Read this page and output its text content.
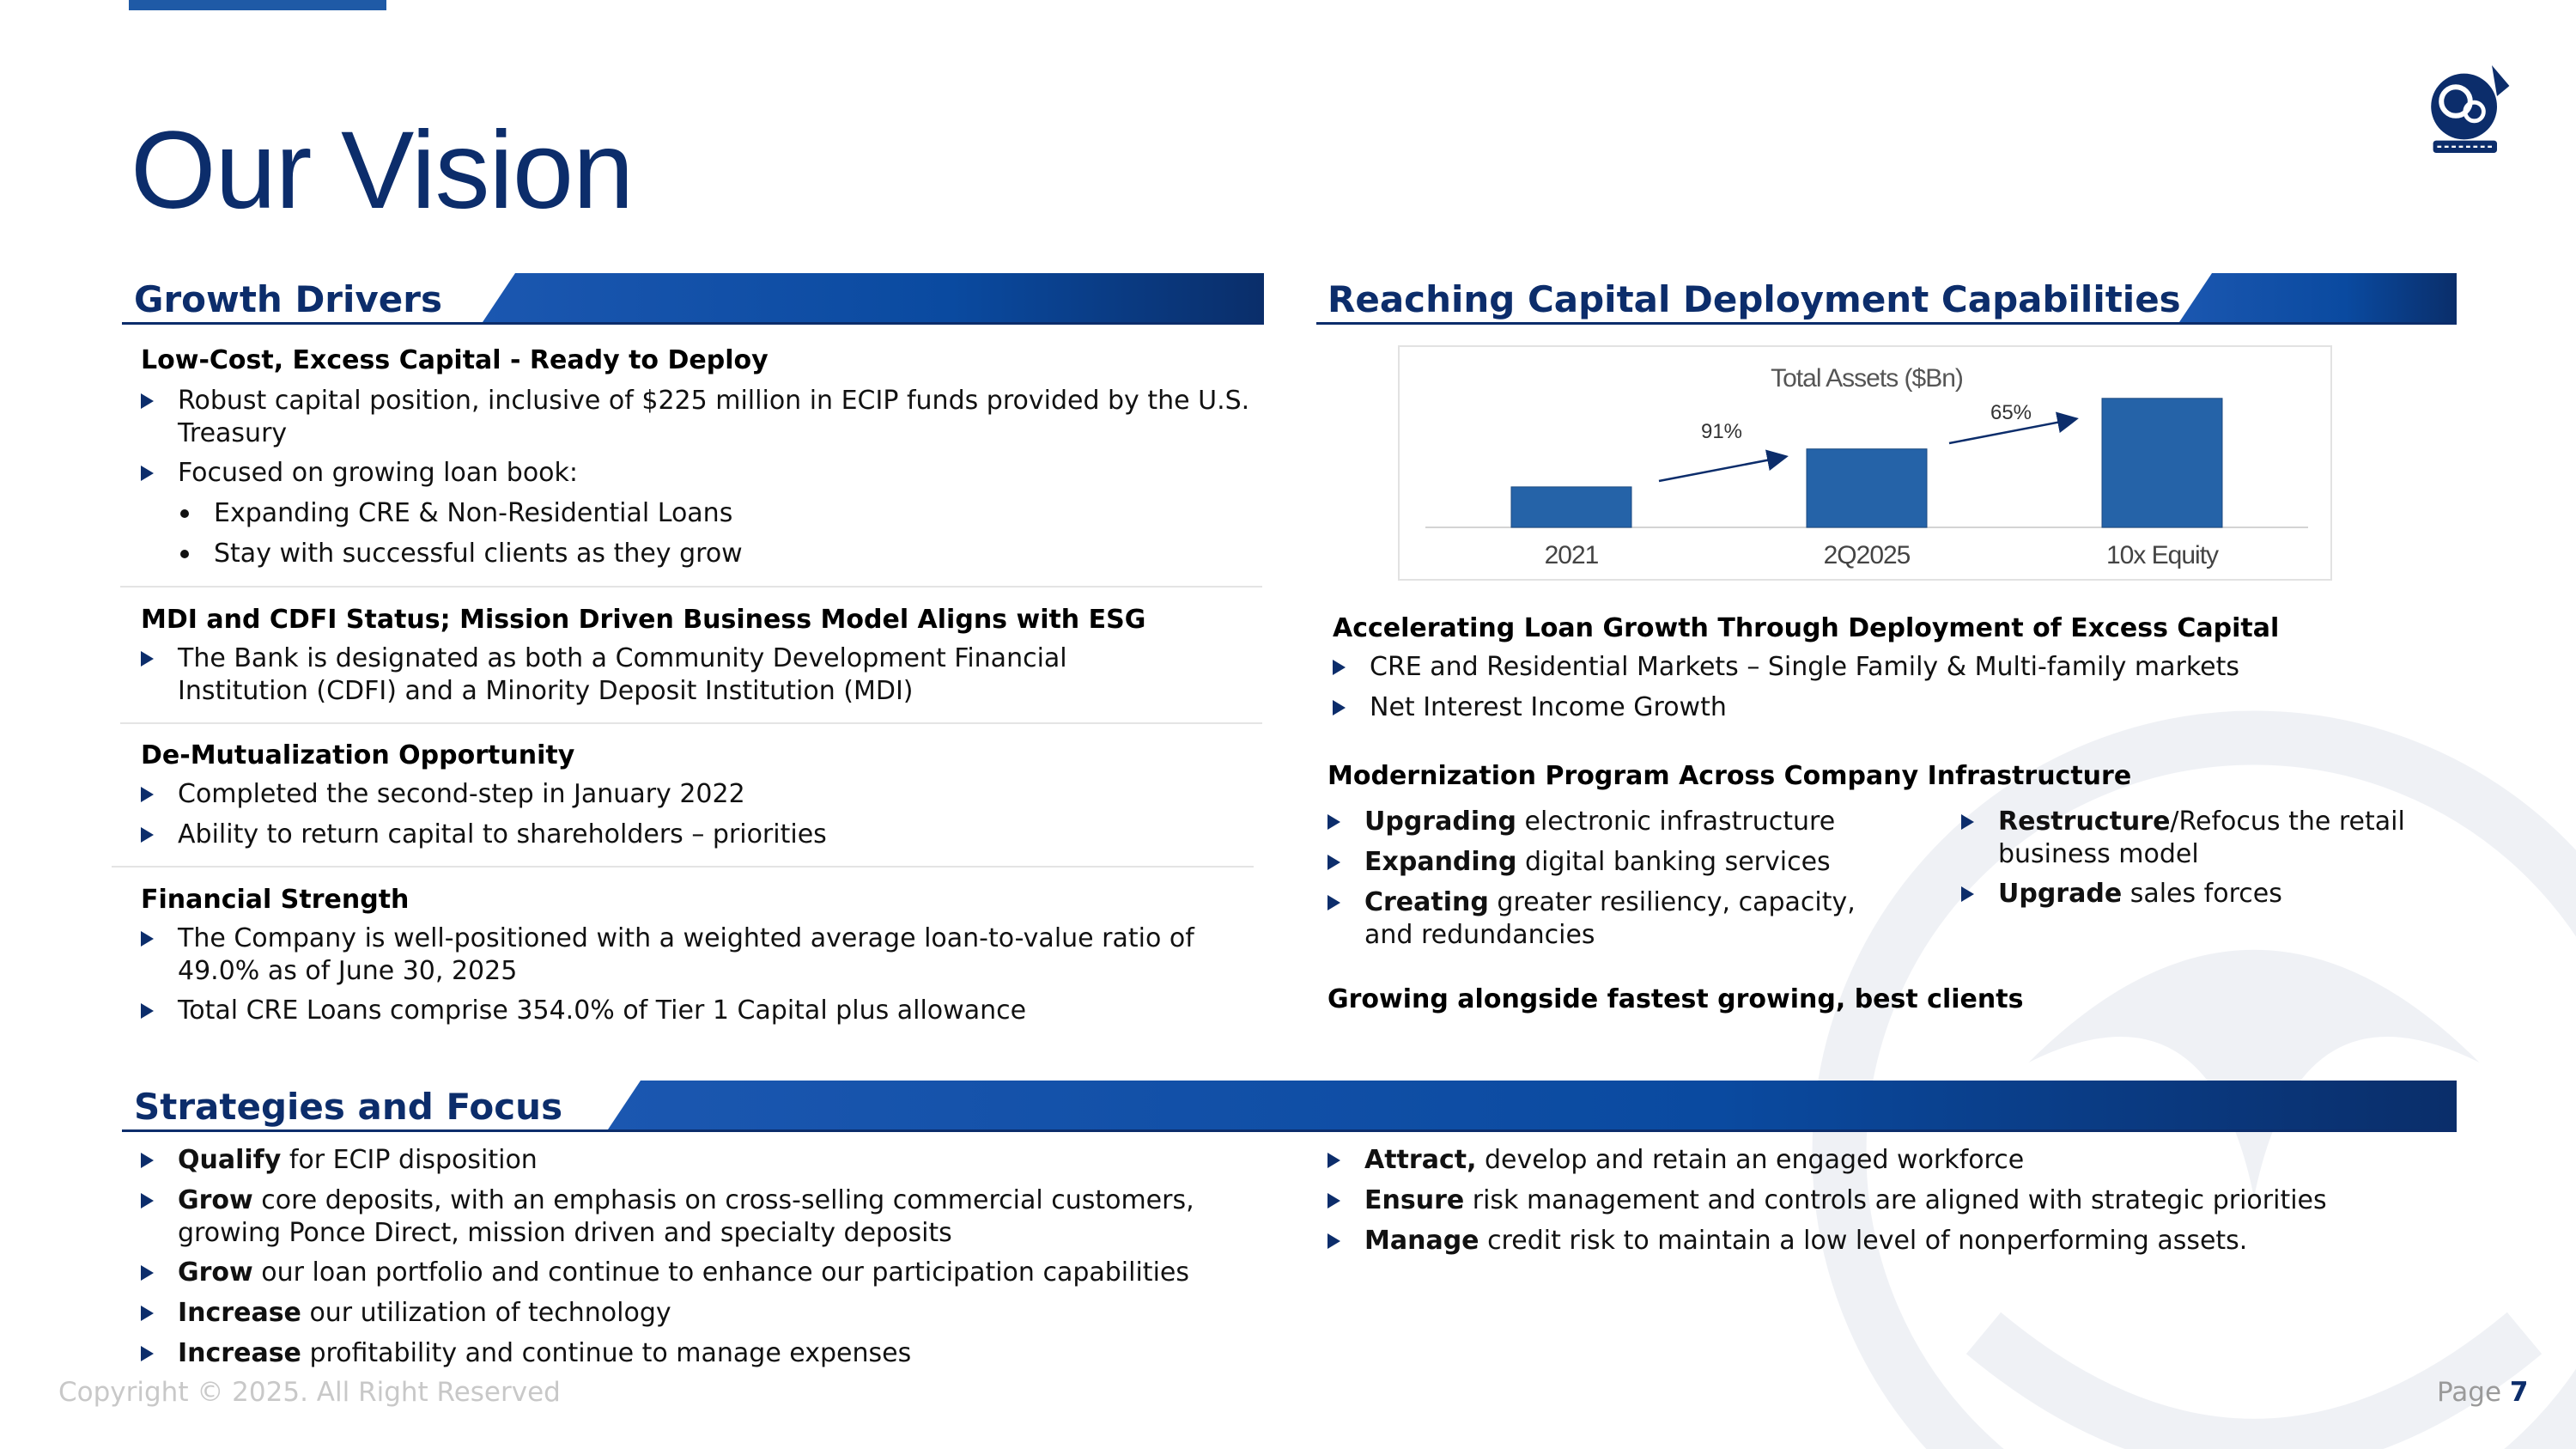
Our Vision
Growth Drivers
Low-Cost, Excess Capital - Ready to Deploy
Robust capital position, inclusive of $225 million in ECIP funds provided by the U.S. Treasury
Focused on growing loan book:
Expanding CRE & Non-Residential Loans
Stay with successful clients as they grow
MDI and CDFI Status; Mission Driven Business Model Aligns with ESG
The Bank is designated as both a Community Development Financial Institution (CDFI) and a Minority Deposit Institution (MDI)
De-Mutualization Opportunity
Completed the second-step in January 2022
Ability to return capital to shareholders – priorities
Financial Strength
The Company is well-positioned with a weighted average loan-to-value ratio of 49.0% as of June 30, 2025
Total CRE Loans comprise 354.0% of Tier 1 Capital plus allowance
Reaching Capital Deployment Capabilities
Total Assets ($Bn)
2021	2Q2025	10x Equity
91%
65%
Accelerating Loan Growth Through Deployment of Excess Capital
CRE and Residential Markets – Single Family & Multi-family markets
Net Interest Income Growth
Modernization Program Across Company Infrastructure
Upgrading electronic infrastructure
Expanding digital banking services
Creating greater resiliency, capacity, and redundancies
Restructure/Refocus the retail business model
Upgrade sales forces
Growing alongside fastest growing, best clients
Strategies and Focus
Qualify for ECIP disposition
Grow core deposits, with an emphasis on cross-selling commercial customers, growing Ponce Direct, mission driven and specialty deposits
Grow our loan portfolio and continue to enhance our participation capabilities
Increase our utilization of technology
Increase profitability and continue to manage expenses
Attract, develop and retain an engaged workforce
Ensure risk management and controls are aligned with strategic priorities
Manage credit risk to maintain a low level of nonperforming assets.
Copyright © 2025. All Right Reserved	Page 7
